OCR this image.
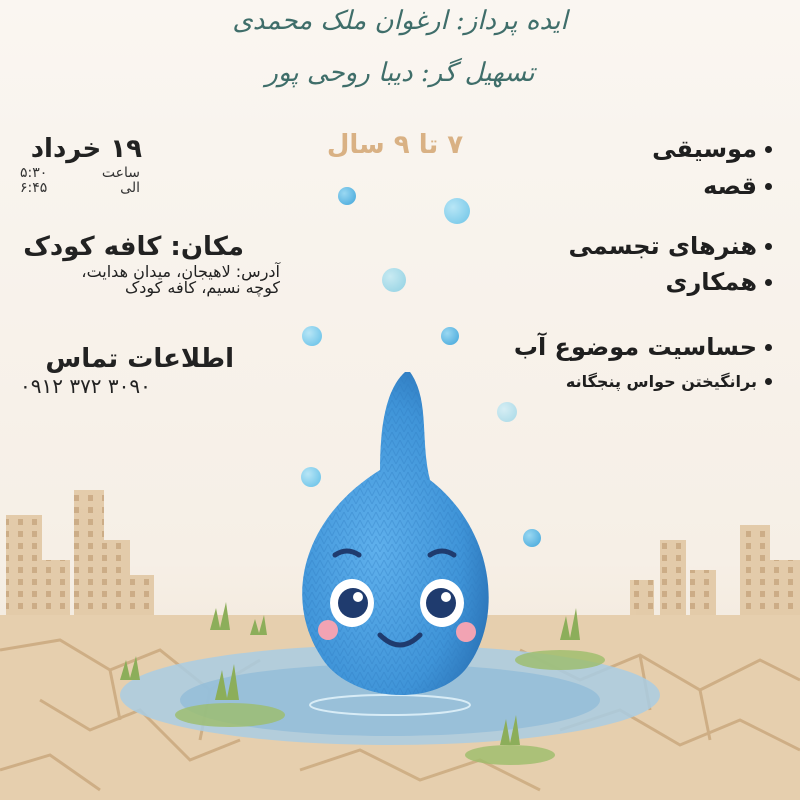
ایده پرداز: ارغوان ملک محمدی
تسهیل گر: دیبا روحی پور
۷ تا ۹ سال
۱۹ خرداد
ساعت
۵:۳۰
الی
۶:۴۵
مکان: کافه کودک
آدرس: لاهیجان، میدان هدایت،
کوچه نسیم، کافه کودک
اطلاعات تماس
۰۹۱۲ ۳۷۲ ۳۰۹۰
موسیقی
قصه
هنرهای تجسمی
همکاری
حساسیت موضوع آب
برانگیختن حواس پنجگانه
